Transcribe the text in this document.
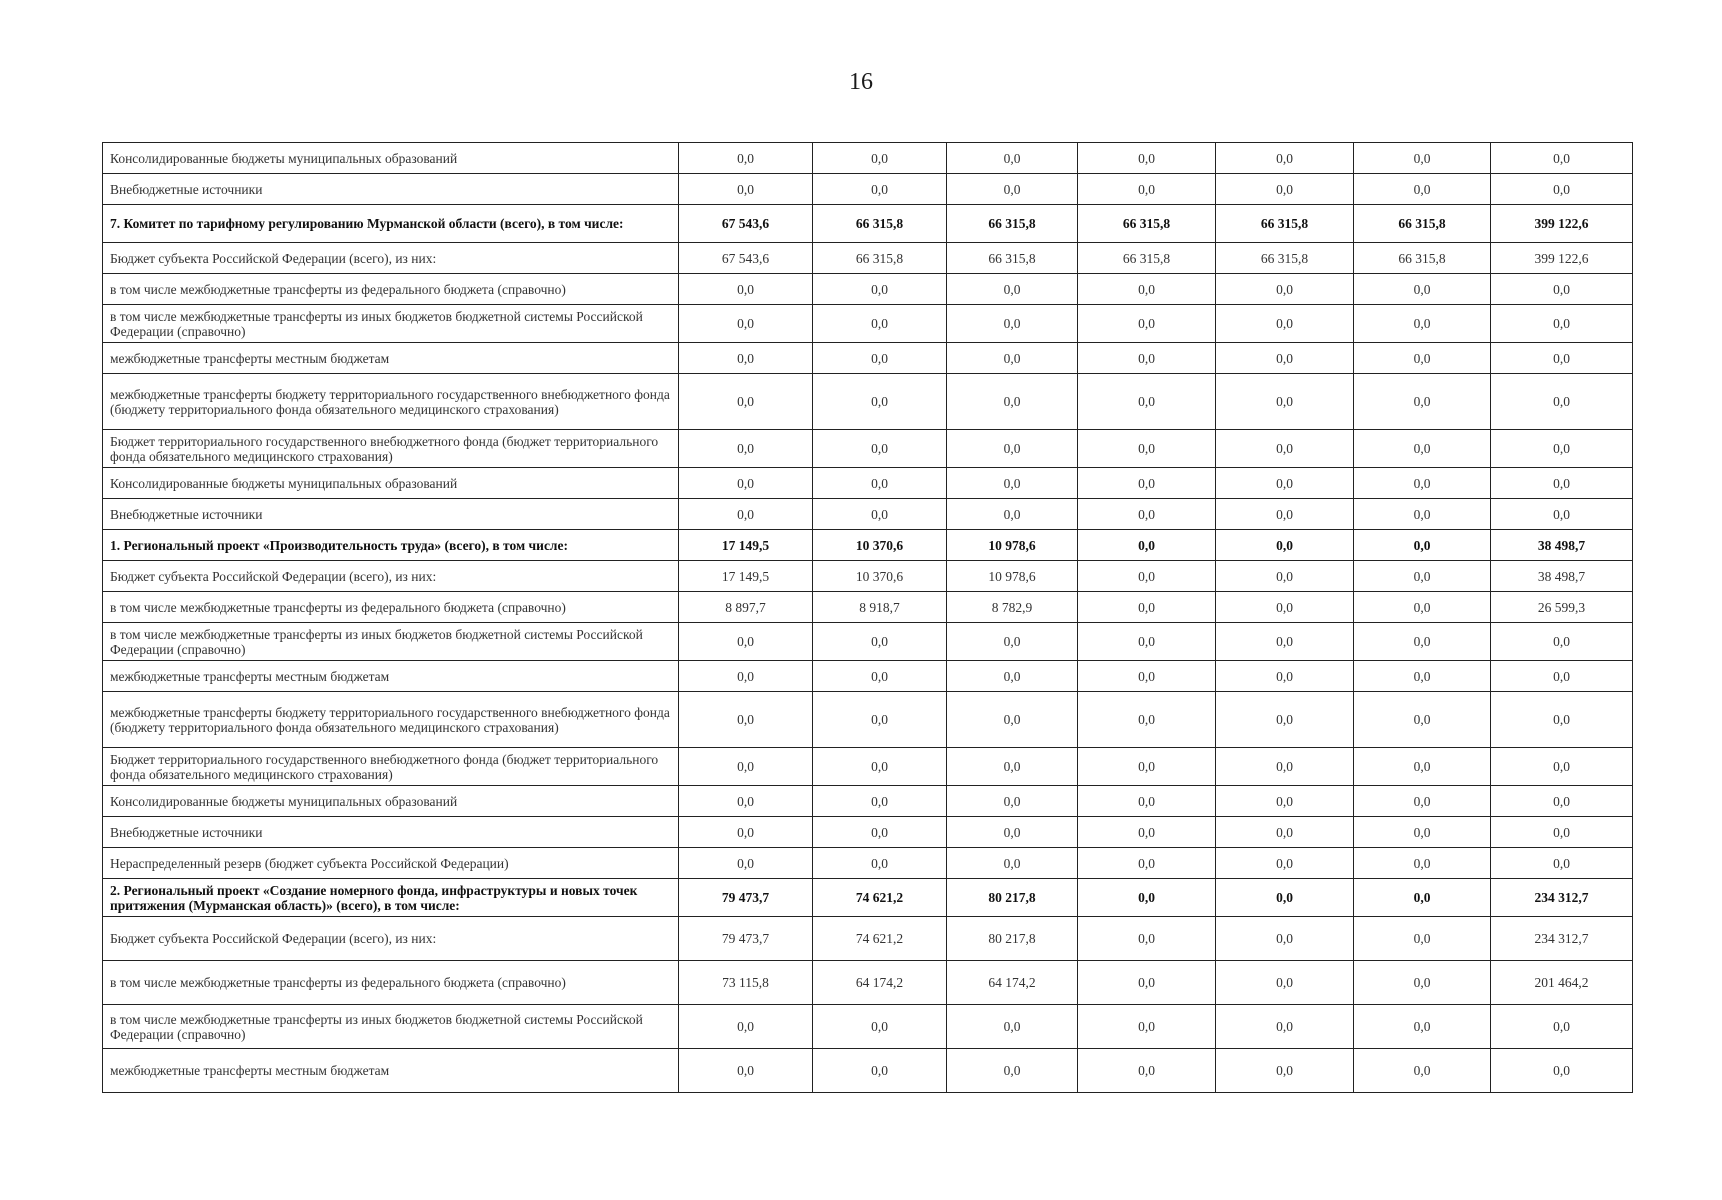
16
Консолидированные бюджеты муниципальных образований	0,0	0,0	0,0	0,0	0,0	0,0	0,0
Внебюджетные источники	0,0	0,0	0,0	0,0	0,0	0,0	0,0
7. Комитет по тарифному регулированию Мурманской области (всего), в том числе:	67 543,6	66 315,8	66 315,8	66 315,8	66 315,8	66 315,8	399 122,6
Бюджет субъекта Российской Федерации (всего), из них:	67 543,6	66 315,8	66 315,8	66 315,8	66 315,8	66 315,8	399 122,6
в том числе межбюджетные трансферты из федерального бюджета (справочно)	0,0	0,0	0,0	0,0	0,0	0,0	0,0
в том числе межбюджетные трансферты из иных бюджетов бюджетной системы Российской Федерации (справочно)	0,0	0,0	0,0	0,0	0,0	0,0	0,0
межбюджетные трансферты местным бюджетам	0,0	0,0	0,0	0,0	0,0	0,0	0,0
межбюджетные трансферты бюджету территориального государственного внебюджетного фонда (бюджету территориального фонда обязательного медицинского страхования)	0,0	0,0	0,0	0,0	0,0	0,0	0,0
Бюджет территориального государственного внебюджетного фонда (бюджет территориального фонда обязательного медицинского страхования)	0,0	0,0	0,0	0,0	0,0	0,0	0,0
Консолидированные бюджеты муниципальных образований	0,0	0,0	0,0	0,0	0,0	0,0	0,0
Внебюджетные источники	0,0	0,0	0,0	0,0	0,0	0,0	0,0
1. Региональный проект «Производительность труда» (всего), в том числе:	17 149,5	10 370,6	10 978,6	0,0	0,0	0,0	38 498,7
Бюджет субъекта Российской Федерации (всего), из них:	17 149,5	10 370,6	10 978,6	0,0	0,0	0,0	38 498,7
в том числе межбюджетные трансферты из федерального бюджета (справочно)	8 897,7	8 918,7	8 782,9	0,0	0,0	0,0	26 599,3
в том числе межбюджетные трансферты из иных бюджетов бюджетной системы Российской Федерации (справочно)	0,0	0,0	0,0	0,0	0,0	0,0	0,0
межбюджетные трансферты местным бюджетам	0,0	0,0	0,0	0,0	0,0	0,0	0,0
межбюджетные трансферты бюджету территориального государственного внебюджетного фонда (бюджету территориального фонда обязательного медицинского страхования)	0,0	0,0	0,0	0,0	0,0	0,0	0,0
Бюджет территориального государственного внебюджетного фонда (бюджет территориального фонда обязательного медицинского страхования)	0,0	0,0	0,0	0,0	0,0	0,0	0,0
Консолидированные бюджеты муниципальных образований	0,0	0,0	0,0	0,0	0,0	0,0	0,0
Внебюджетные источники	0,0	0,0	0,0	0,0	0,0	0,0	0,0
Нераспределенный резерв (бюджет субъекта Российской Федерации)	0,0	0,0	0,0	0,0	0,0	0,0	0,0
2. Региональный проект «Создание номерного фонда, инфраструктуры и новых точек притяжения (Мурманская область)» (всего), в том числе:	79 473,7	74 621,2	80 217,8	0,0	0,0	0,0	234 312,7
Бюджет субъекта Российской Федерации (всего), из них:	79 473,7	74 621,2	80 217,8	0,0	0,0	0,0	234 312,7
в том числе межбюджетные трансферты из федерального бюджета (справочно)	73 115,8	64 174,2	64 174,2	0,0	0,0	0,0	201 464,2
в том числе межбюджетные трансферты из иных бюджетов бюджетной системы Российской Федерации (справочно)	0,0	0,0	0,0	0,0	0,0	0,0	0,0
межбюджетные трансферты местным бюджетам	0,0	0,0	0,0	0,0	0,0	0,0	0,0
